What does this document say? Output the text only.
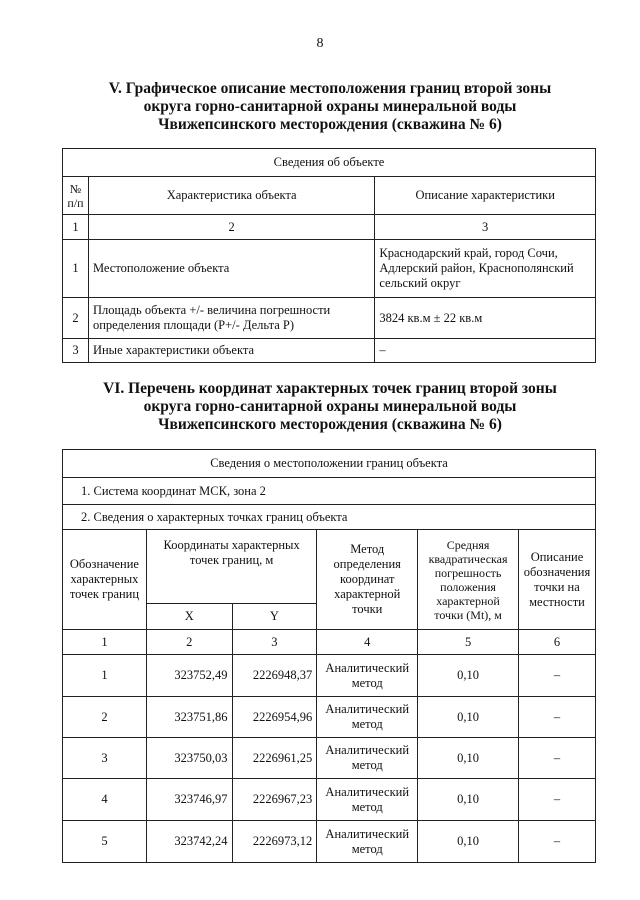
8
V. Графическое описание местоположения границ второй зоны
округа горно-санитарной охраны минеральной воды
Чвижепсинского месторождения (скважина № 6)
Сведения об объекте		
№ п/п	Характеристика объекта	Описание характеристики
1	2	3
1	Местоположение объекта	Краснодарский край, город Сочи, Адлерский район, Краснополянский сельский округ
2	Площадь объекта +/- величина погрешности определения площади (P+/- Дельта P)	3824 кв.м ± 22 кв.м
3	Иные характеристики объекта	–
VI. Перечень координат характерных точек границ второй зоны
округа горно-санитарной охраны минеральной воды
Чвижепсинского месторождения (скважина № 6)
Сведения о местоположении границ объекта					
1. Система координат МСК, зона 2					
2. Сведения о характерных точках границ объекта					
Обозначение характерных точек границ	Координаты характерных точек границ, м		Метод определения координат характерной точки	Средняя квадратическая погрешность положения характерной точки (Mt), м	Описание обозначения точки на местности
	X	Y			
1	2	3	4	5	6
1	323752,49	2226948,37	Аналитический метод	0,10	–
2	323751,86	2226954,96	Аналитический метод	0,10	–
3	323750,03	2226961,25	Аналитический метод	0,10	–
4	323746,97	2226967,23	Аналитический метод	0,10	–
5	323742,24	2226973,12	Аналитический метод	0,10	–
